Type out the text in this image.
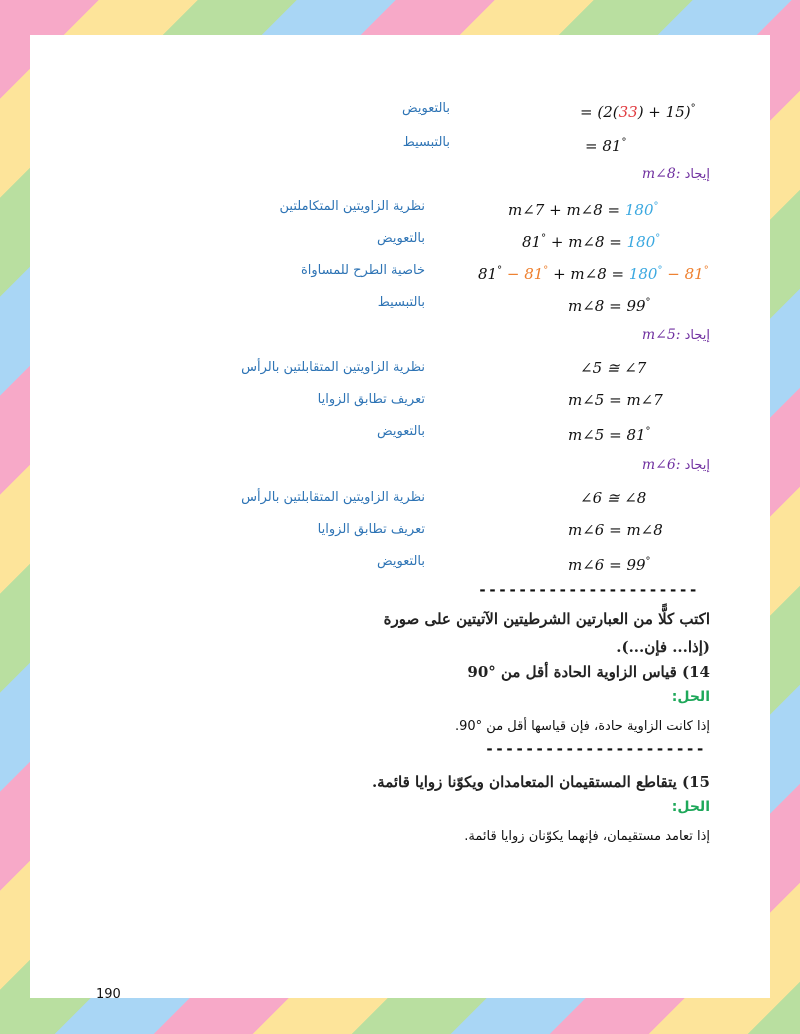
= (2(33) + 15)°
بالتعويض
= 81°
بالتبسيط
إيجاد m∠8:
m∠7 + m∠8 = 180°
نظرية الزاويتين المتكاملتين
81° + m∠8 = 180°
بالتعويض
81° − 81° + m∠8 = 180° − 81°
خاصية الطرح للمساواة
m∠8 = 99°
بالتبسيط
إيجاد m∠5:
∠5 ≅ ∠7
نظرية الزاويتين المتقابلتين بالرأس
m∠5 = m∠7
تعريف تطابق الزوايا
m∠5 = 81°
بالتعويض
إيجاد m∠6:
∠6 ≅ ∠8
نظرية الزاويتين المتقابلتين بالرأس
m∠6 = m∠8
تعريف تطابق الزوايا
m∠6 = 99°
بالتعويض
----------------------
اكتب كلًّا من العبارتين الشرطيتين الآتيتين على صورة
(إذا... فإن...).
14) قياس الزاوية الحادة أقل من °90
الحل:
إذا كانت الزاوية حادة، فإن قياسها أقل من °90.
----------------------
15) يتقاطع المستقيمان المتعامدان ويكوّنا زوايا قائمة.
الحل:
إذا تعامد مستقيمان، فإنهما يكوّنان زوايا قائمة.
190
